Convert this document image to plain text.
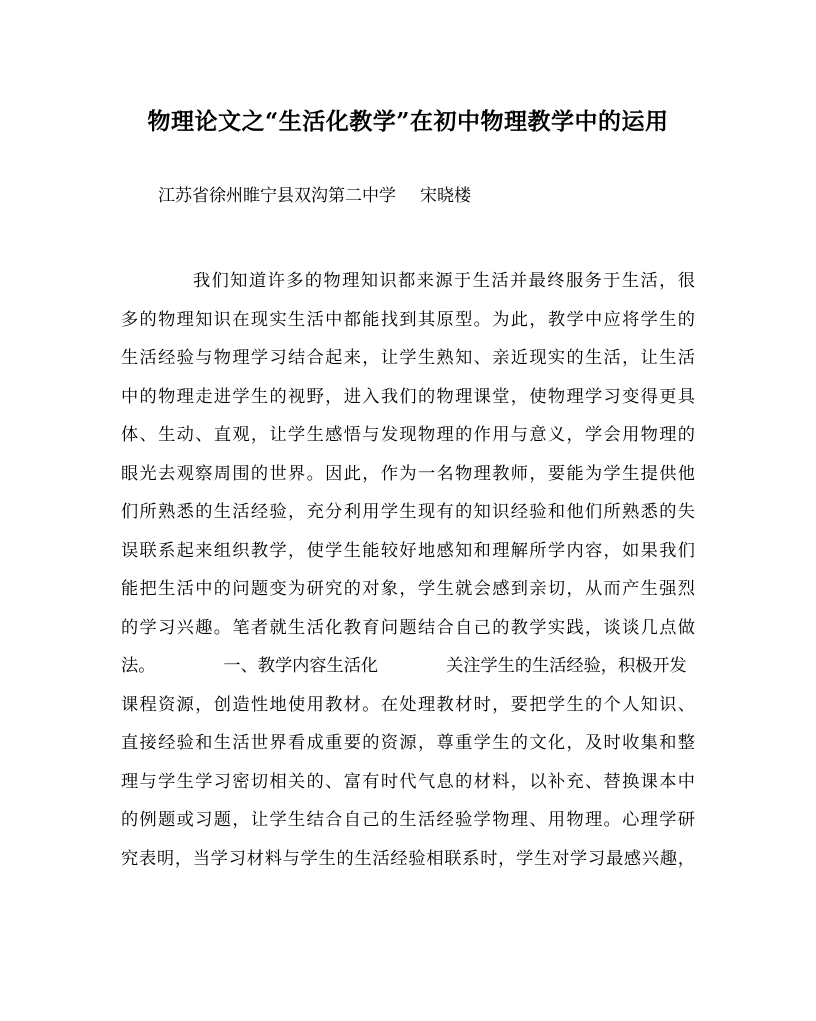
物理论文之“生活化教学”在初中物理教学中的运用
江苏省徐州睢宁县双沟第二中学 宋晓楼
我们知道许多的物理知识都来源于生活并最终服务于生活，很
多的物理知识在现实生活中都能找到其原型。为此，教学中应将学生的
生活经验与物理学习结合起来，让学生熟知、亲近现实的生活，让生活
中的物理走进学生的视野，进入我们的物理课堂，使物理学习变得更具
体、生动、直观，让学生感悟与发现物理的作用与意义，学会用物理的
眼光去观察周围的世界。因此，作为一名物理教师，要能为学生提供他
们所熟悉的生活经验，充分利用学生现有的知识经验和他们所熟悉的失
误联系起来组织教学，使学生能较好地感知和理解所学内容，如果我们
能把生活中的问题变为研究的对象，学生就会感到亲切，从而产生强烈
的学习兴趣。笔者就生活化教育问题结合自己的教学实践，谈谈几点做
法。	一、教学内容生活化	关注学生的生活经验，积极开发
课程资源，创造性地使用教材。在处理教材时，要把学生的个人知识、
直接经验和生活世界看成重要的资源，尊重学生的文化，及时收集和整
理与学生学习密切相关的、富有时代气息的材料，以补充、替换课本中
的例题或习题，让学生结合自己的生活经验学物理、用物理。心理学研
究表明，当学习材料与学生的生活经验相联系时，学生对学习最感兴趣，
